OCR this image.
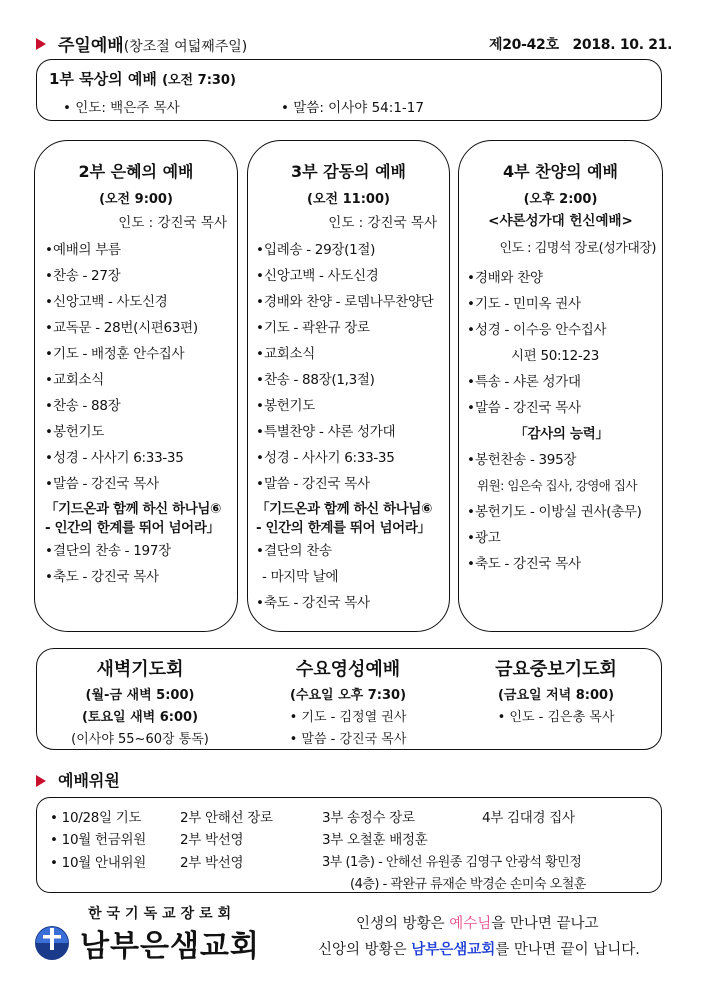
주일예배(창조절 여덟째주일)	제20-42호 2018. 10. 21.
1부 묵상의 예배 (오전 7:30)
• 인도: 백은주 목사	• 말씀: 이사야 54:1-17
2부 은혜의 예배
(오전 9:00)
인도 : 강진국 목사
•예배의 부름
•찬송 - 27장
•신앙고백 - 사도신경
•교독문 - 28번(시편63편)
•기도 - 배정훈 안수집사
•교회소식
•찬송 - 88장
•봉헌기도
•성경 - 사사기 6:33-35
•말씀 - 강진국 목사
「기드온과 함께 하신 하나님⑥
- 인간의 한계를 뛰어 넘어라」
•결단의 찬송 - 197장
•축도 - 강진국 목사
3부 감동의 예배
(오전 11:00)
인도 : 강진국 목사
•입례송 - 29장(1절)
•신앙고백 - 사도신경
•경배와 찬양 - 로뎀나무찬양단
•기도 - 곽완규 장로
•교회소식
•찬송 - 88장(1,3절)
•봉헌기도
•특별찬양 - 샤론 성가대
•성경 - 사사기 6:33-35
•말씀 - 강진국 목사
「기드온과 함께 하신 하나님⑥
- 인간의 한계를 뛰어 넘어라」
•결단의 찬송
- 마지막 날에
•축도 - 강진국 목사
4부 찬양의 예배
(오후 2:00)
<샤론성가대 헌신예배>
인도 : 김명석 장로(성가대장)
•경배와 찬양
•기도 - 민미옥 권사
•성경 - 이수응 안수집사
시편 50:12-23
•특송 - 샤론 성가대
•말씀 - 강진국 목사
「감사의 능력」
•봉헌찬송 - 395장
위원: 임은숙 집사, 강영애 집사
•봉헌기도 - 이방실 권사(총무)
•광고
•축도 - 강진국 목사
새벽기도회
(월-금 새벽 5:00)
(토요일 새벽 6:00)
(이사야 55~60장 통독)
수요영성예배
(수요일 오후 7:30)
• 기도 - 김정열 권사
• 말씀 - 강진국 목사
금요중보기도회
(금요일 저녁 8:00)
• 인도 - 김은총 목사
예배위원
• 10/28일 기도	2부 안해선 장로	3부 송정수 장로	4부 김대경 집사
• 10월 헌금위원	2부 박선영	3부 오철훈 배정훈
• 10월 안내위원	2부 박선영	3부 (1층) - 안해선 유원종 김영구 안광석 황민정
(4층) - 곽완규 류재순 박경순 손미숙 오철훈
한국기독교장로회
남부은샘교회
인생의 방황은 예수님을 만나면 끝나고
신앙의 방황은 남부은샘교회를 만나면 끝이 납니다.
